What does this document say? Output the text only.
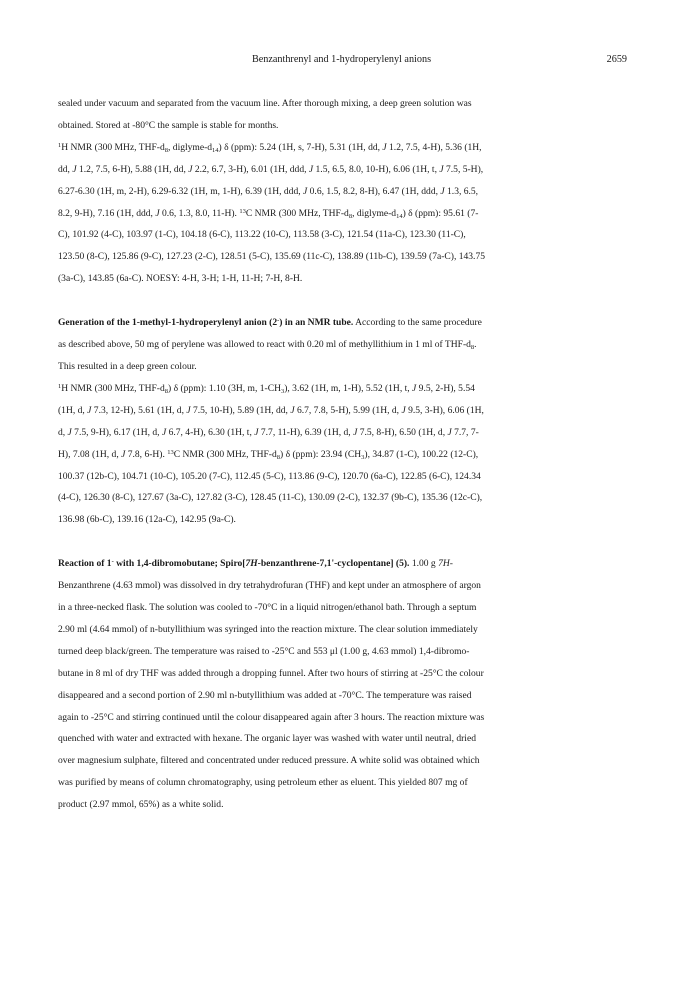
Benzanthrenyl and 1-hydroperylenyl anions	2659

sealed under vacuum and separated from the vacuum line. After thorough mixing, a deep green solution was
obtained. Stored at -80°C the sample is stable for months.

$^1$H NMR (300 MHz, THF-$d_8$, diglyme-$d_{14}$) δ (ppm): 5.24 (1H, s, 7-H), 5.31 (1H, dd, J 1.2, 7.5, 4-H), 5.36 (1H,
dd, J 1.2, 7.5, 6-H), 5.88 (1H, dd, J 2.2, 6.7, 3-H), 6.01 (1H, ddd, J 1.5, 6.5, 8.0, 10-H), 6.06 (1H, t, J 7.5, 5-H),
6.27-6.30 (1H, m, 2-H), 6.29-6.32 (1H, m, 1-H), 6.39 (1H, ddd, J 0.6, 1.5, 8.2, 8-H), 6.47 (1H, ddd, J 1.3, 6.5,
8.2, 9-H), 7.16 (1H, ddd, J 0.6, 1.3, 8.0, 11-H). $^{13}$C NMR (300 MHz, THF-$d_8$, diglyme-$d_{14}$) δ (ppm): 95.61 (7-
C), 101.92 (4-C), 103.97 (1-C), 104.18 (6-C), 113.22 (10-C), 113.58 (3-C), 121.54 (11a-C), 123.30 (11-C),
123.50 (8-C), 125.86 (9-C), 127.23 (2-C), 128.51 (5-C), 135.69 (11c-C), 138.89 (11b-C), 139.59 (7a-C), 143.75
(3a-C), 143.85 (6a-C). NOESY: 4-H, 3-H; 1-H, 11-H; 7-H, 8-H.

Generation of the 1-methyl-1-hydroperylenyl anion (2-) in an NMR tube. According to the same procedure
as described above, 50 mg of perylene was allowed to react with 0.20 ml of methyllithium in 1 ml of THF-$d_8$.
This resulted in a deep green colour.

$^1$H NMR (300 MHz, THF-$d_8$) δ (ppm): 1.10 (3H, m, $1-CH_3$), 3.62 (1H, m, 1-H), 5.52 (1H, t, J 9.5, 2-H), 5.54
(1H, d, J 7.3, 12-H), 5.61 (1H, d, J 7.5, 10-H), 5.89 (1H, dd, J 6.7, 7.8, 5-H), 5.99 (1H, d, J 9.5, 3-H), 6.06 (1H,
d, J 7.5, 9-H), 6.17 (1H, d, J 6.7, 4-H), 6.30 (1H, t, J 7.7, 11-H), 6.39 (1H, d, J 7.5, 8-H), 6.50 (1H, d, J 7.7, 7-
H), 7.08 (1H, d, J 7.8, 6-H). $^{13}$C NMR (300 MHz, THF-$d_8$) δ (ppm): 23.94 $(CH_3)$, 34.87 (1-C), 100.22 (12-C),
100.37 (12b-C), 104.71 (10-C), 105.20 (7-C), 112.45 (5-C), 113.86 (9-C), 120.70 (6a-C), 122.85 (6-C), 124.34
(4-C), 126.30 (8-C), 127.67 (3a-C), 127.82 (3-C), 128.45 (11-C), 130.09 (2-C), 132.37 (9b-C), 135.36 (12c-C),
136.98 (6b-C), 139.16 (12a-C), 142.95 (9a-C).

Reaction of 1- with 1,4-dibromobutane; Spiro[7H-benzanthrene-7,1'-cyclopentane] (5). 1.00 g 7H-
Benzanthrene (4.63 mmol) was dissolved in dry tetrahydrofuran (THF) and kept under an atmosphere of argon
in a three-necked flask. The solution was cooled to -70°C in a liquid nitrogen/ethanol bath. Through a septum
2.90 ml (4.64 mmol) of n-butyllithium was syringed into the reaction mixture. The clear solution immediately
turned deep black/green. The temperature was raised to -25°C and 553 μl (1.00 g, 4.63 mmol) 1,4-dibromo-
butane in 8 ml of dry THF was added through a dropping funnel. After two hours of stirring at -25°C the colour
disappeared and a second portion of 2.90 ml n-butyllithium was added at -70°C. The temperature was raised
again to -25°C and stirring continued until the colour disappeared again after 3 hours. The reaction mixture was
quenched with water and extracted with hexane. The organic layer was washed with water until neutral, dried
over magnesium sulphate, filtered and concentrated under reduced pressure. A white solid was obtained which
was purified by means of column chromatography, using petroleum ether as eluent. This yielded 807 mg of
product (2.97 mmol, 65%) as a white solid.
